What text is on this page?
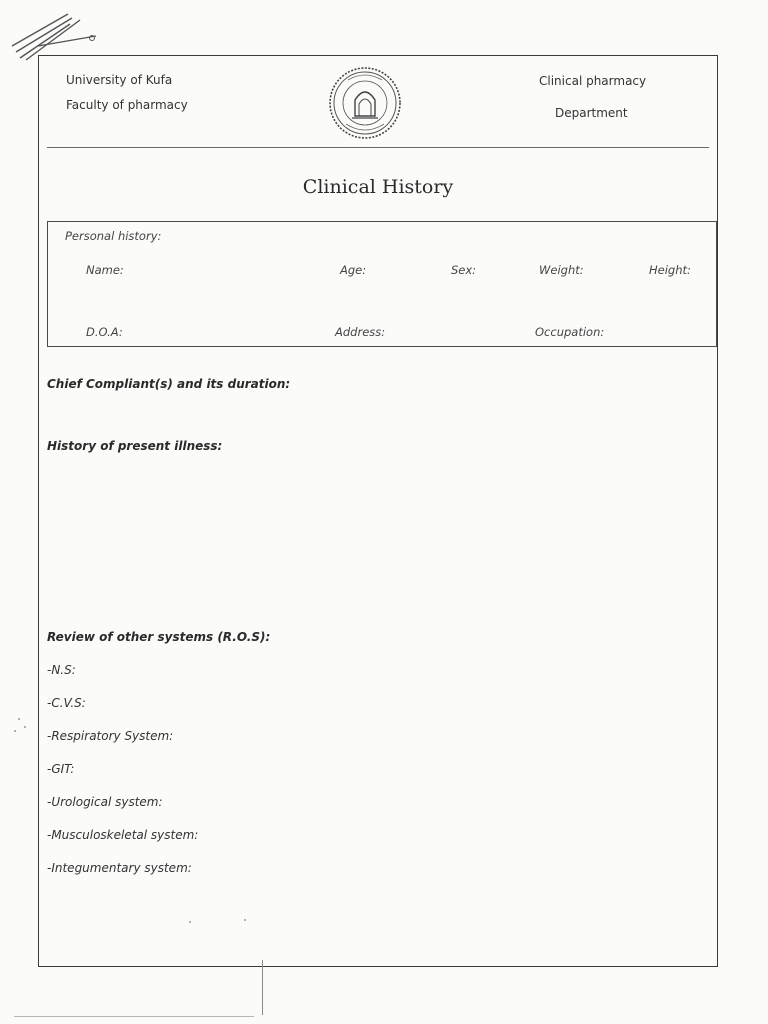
University of Kufa
Faculty of pharmacy
Clinical pharmacy
Department
Clinical History
Personal history:
Name:	Age:	Sex:	Weight:	Height:
D.O.A:	Address:	Occupation:
Chief Compliant(s) and its duration:
History of present illness:
Review of other systems (R.O.S):
-N.S:
-C.V.S:
-Respiratory System:
-GIT:
-Urological system:
-Musculoskeletal system:
-Integumentary system:
